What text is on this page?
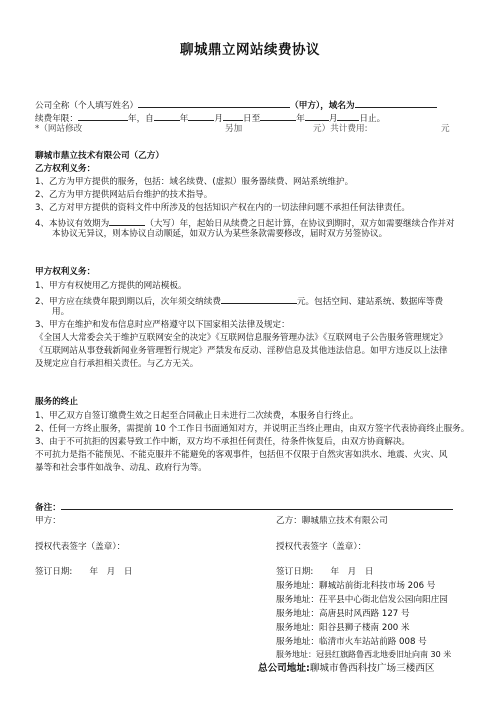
聊城鼎立网站续费协议
公司全称（个人填写姓名）	（甲方），域名为
续费年限：	年，自	年	月 日至	年	月	日止。
*（网站修改	另加	元）共计费用:	元
聊城市鼎立技术有限公司（乙方）
乙方权利义务：
1、乙方为甲方提供的服务，包括：域名续费、(虚拟）服务器续费、网站系统维护。
2、乙方为甲方提供网站后台维护的技术指导。
3、乙方对甲方提供的资料文件中所涉及的包括知识产权在内的一切法律问题不承担任何法律责任。
4、本协议有效期为	（大写）年，起始日从续费之日起计算，在协议到期时，双方如需要继续合作并对
本协议无异议，则本协议自动顺延，如双方认为某些条款需要修改，届时双方另签协议。
甲方权利义务：
1、甲方有权使用乙方提供的网站模板。
2、甲方应在续费年限到期以后，次年须交纳续费	元。包括空间、建站系统、数据库等费
用。
3、甲方在维护和发布信息时应严格遵守以下国家相关法律及规定：
《全国人大常委会关于维护互联网安全的决定》《互联网信息服务管理办法》《互联网电子公告服务管理规定》
《互联网站从事登载新闻业务管理暂行规定》严禁发布反动、淫秽信息及其他违法信息。如甲方违反以上法律
及规定应自行承担相关责任。与乙方无关。
服务的终止
1、甲乙双方自签订缴费生效之日起至合同截止日未进行二次续费，本服务自行终止。
2、任何一方终止服务，需提前 10 个工作日书面通知对方，并说明正当终止理由，由双方签字代表协商终止服务。
3、由于不可抗拒的因素导致工作中断，双方均不承担任何责任，待条件恢复后，由双方协商解决。
不可抗力是指不能预见、不能克服并不能避免的客观事件，包括但不仅限于自然灾害如洪水、地震、火灾、风
暴等和社会事件如战争、动乱、政府行为等。
备注：
甲方：	乙方：聊城鼎立技术有限公司
授权代表签字（盖章）：	授权代表签字（盖章）：
签订日期:　　年　月　日	签订日期:　　年　月　日
服务地址：聊城站前街北科技市场 206 号
服务地址：茌平县中心街北信发公园向阳庄园
服务地址：高唐县时风西路 127 号
服务地址：阳谷县狮子楼南 200 米
服务地址：临清市火车站站前路 008 号
服务地址：冠县红旗路鲁西北地委旧址向南 30 米
总公司地址:聊城市鲁西科技广场三楼西区
